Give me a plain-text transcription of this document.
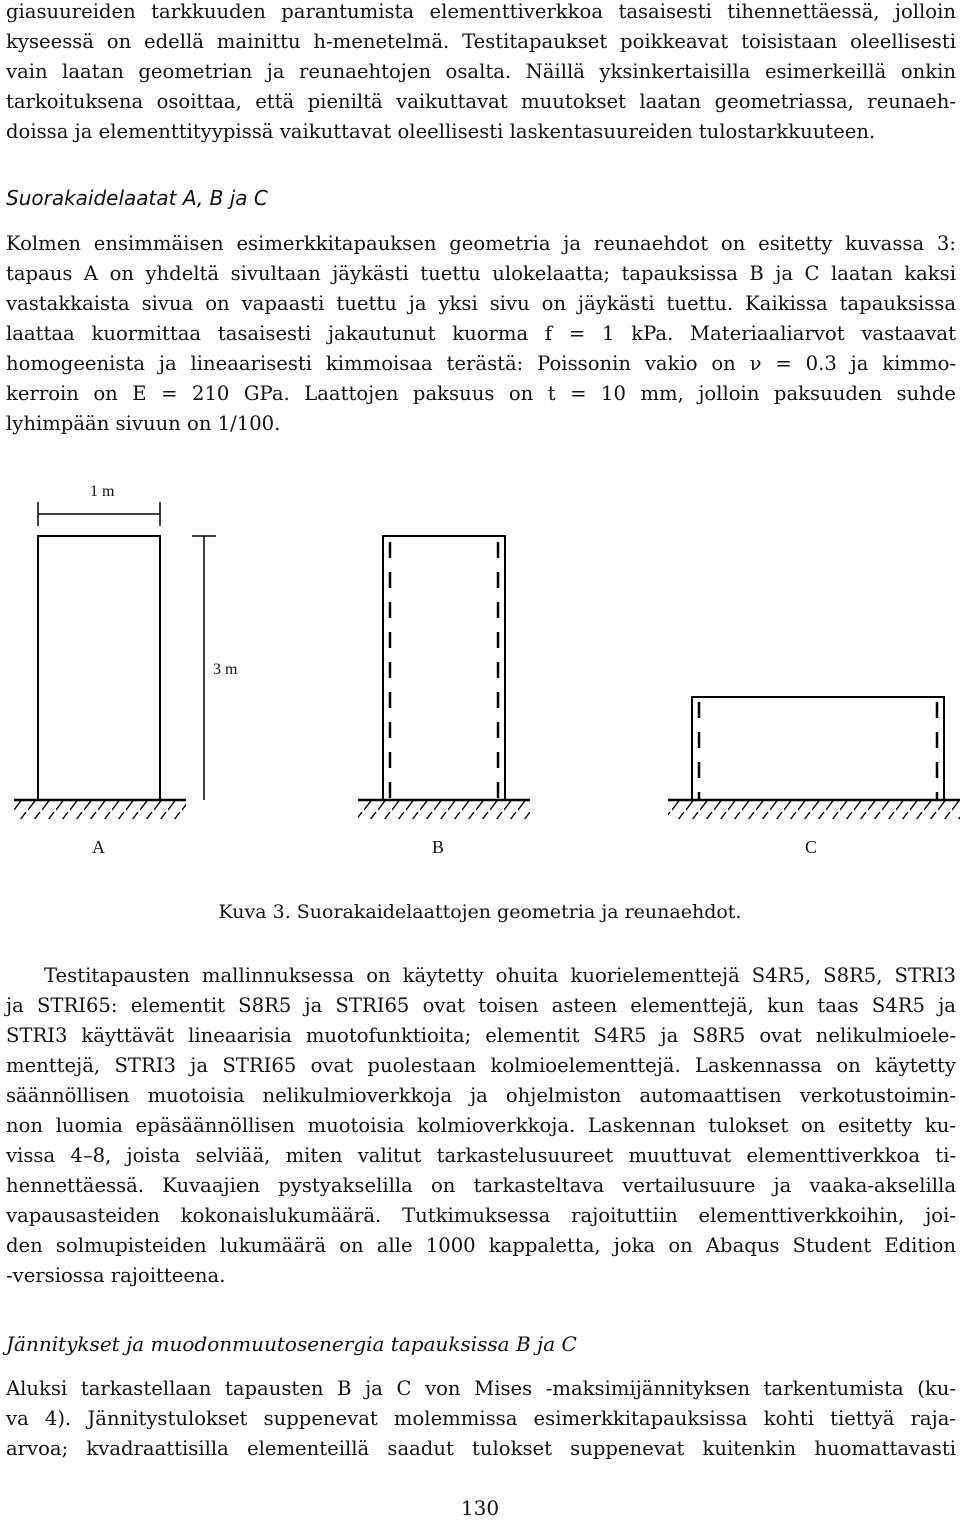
giasuureiden tarkkuuden parantumista elementtiverkkoa tasaisesti tihennettäessä, jolloin
kyseessä on edellä mainittu h-menetelmä. Testitapaukset poikkeavat toisistaan oleellisesti
vain laatan geometrian ja reunaehtojen osalta. Näillä yksinkertaisilla esimerkeillä onkin
tarkoituksena osoittaa, että pieniltä vaikuttavat muutokset laatan geometriassa, reunaeh-
doissa ja elementtityypissä vaikuttavat oleellisesti laskentasuureiden tulostarkkuuteen.
Suorakaidelaatat A, B ja C
Kolmen ensimmäisen esimerkkitapauksen geometria ja reunaehdot on esitetty kuvassa 3:
tapaus A on yhdeltä sivultaan jäykästi tuettu ulokelaatta; tapauksissa B ja C laatan kaksi
vastakkaista sivua on vapaasti tuettu ja yksi sivu on jäykästi tuettu. Kaikissa tapauksissa
laattaa kuormittaa tasaisesti jakautunut kuorma f = 1 kPa. Materiaaliarvot vastaavat
homogeenista ja lineaarisesti kimmoisaa terästä: Poissonin vakio on ν = 0.3 ja kimmo-
kerroin on E = 210 GPa. Laattojen paksuus on t = 10 mm, jolloin paksuuden suhde
lyhimpään sivuun on 1/100.
1 m
3 m
A	B	C
Kuva 3. Suorakaidelaattojen geometria ja reunaehdot.
Testitapausten mallinnuksessa on käytetty ohuita kuorielementtejä S4R5, S8R5, STRI3
ja STRI65: elementit S8R5 ja STRI65 ovat toisen asteen elementtejä, kun taas S4R5 ja
STRI3 käyttävät lineaarisia muotofunktioita; elementit S4R5 ja S8R5 ovat nelikulmioele-
menttejä, STRI3 ja STRI65 ovat puolestaan kolmioelementtejä. Laskennassa on käytetty
säännöllisen muotoisia nelikulmioverkkoja ja ohjelmiston automaattisen verkotustoimin-
non luomia epäsäännöllisen muotoisia kolmioverkkoja. Laskennan tulokset on esitetty ku-
vissa 4–8, joista selviää, miten valitut tarkastelusuureet muuttuvat elementtiverkkoa ti-
hennettäessä. Kuvaajien pystyakselilla on tarkasteltava vertailusuure ja vaaka-akselilla
vapausasteiden kokonaislukumäärä. Tutkimuksessa rajoituttiin elementtiverkkoihin, joi-
den solmupisteiden lukumäärä on alle 1000 kappaletta, joka on Abaqus Student Edition
-versiossa rajoitteena.
Jännitykset ja muodonmuutosenergia tapauksissa B ja C
Aluksi tarkastellaan tapausten B ja C von Mises -maksimijännityksen tarkentumista (ku-
va 4). Jännitystulokset suppenevat molemmissa esimerkkitapauksissa kohti tiettyä raja-
arvoa; kvadraattisilla elementeillä saadut tulokset suppenevat kuitenkin huomattavasti
130
